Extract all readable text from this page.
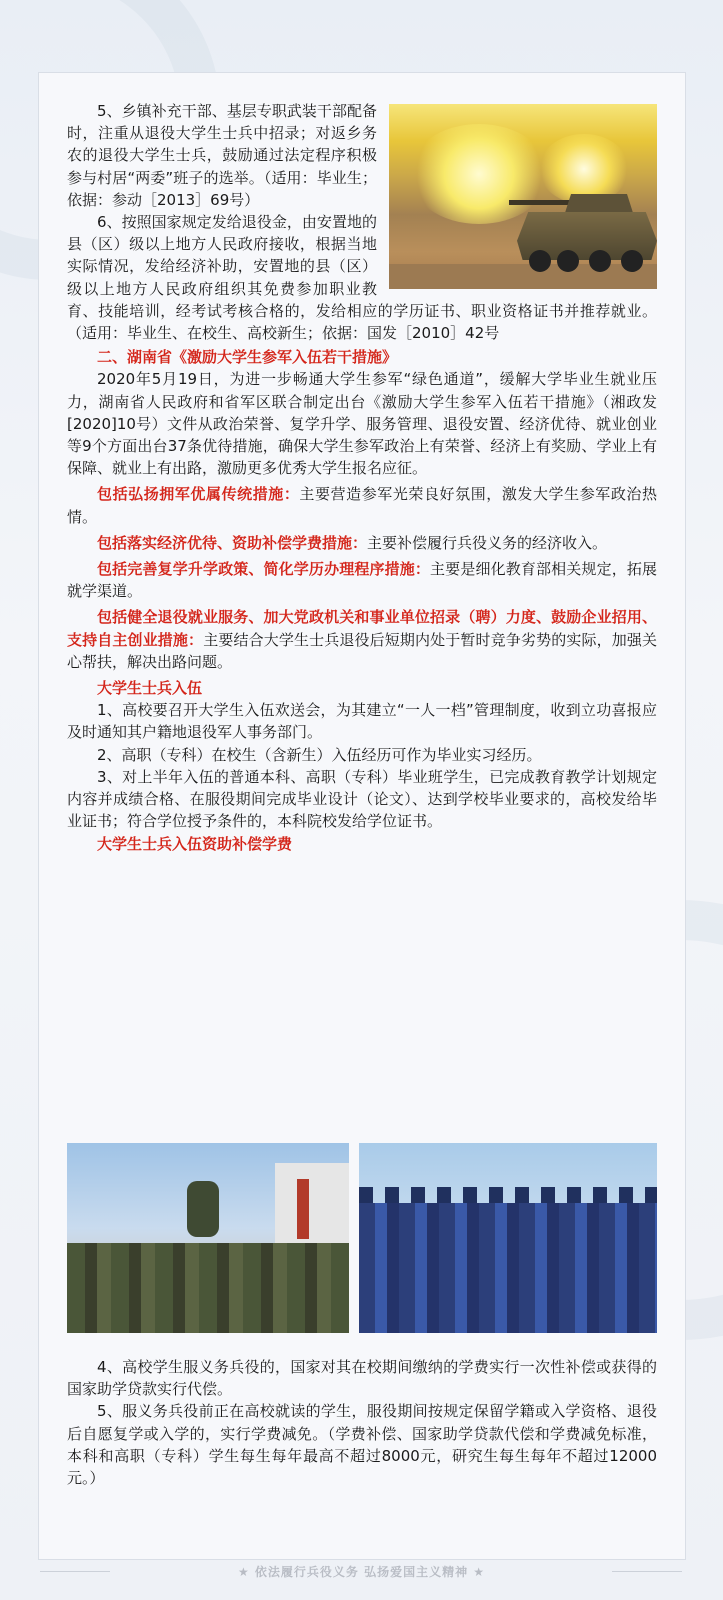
5、乡镇补充干部、基层专职武装干部配备时，注重从退役大学生士兵中招录；对返乡务农的退役大学生士兵，鼓励通过法定程序积极参与村居“两委”班子的选举。（适用：毕业生；依据：参动［2013］69号）

6、按照国家规定发给退役金，由安置地的县（区）级以上地方人民政府接收，根据当地实际情况，发给经济补助，安置地的县（区）级以上地方人民政府组织其免费参加职业教育、技能培训，经考试考核合格的，发给相应的学历证书、职业资格证书并推荐就业。（适用：毕业生、在校生、高校新生；依据：国发［2010］42号

二、湖南省《激励大学生参军入伍若干措施》

2020年5月19日，为进一步畅通大学生参军“绿色通道”，缓解大学毕业生就业压力，湖南省人民政府和省军区联合制定出台《激励大学生参军入伍若干措施》（湘政发[2020]10号）文件从政治荣誉、复学升学、服务管理、退役安置、经济优待、就业创业等9个方面出台37条优待措施，确保大学生参军政治上有荣誉、经济上有奖励、学业上有保障、就业上有出路，激励更多优秀大学生报名应征。

包括弘扬拥军优属传统措施：主要营造参军光荣良好氛围，激发大学生参军政治热情。

包括落实经济优待、资助补偿学费措施：主要补偿履行兵役义务的经济收入。

包括完善复学升学政策、简化学历办理程序措施：主要是细化教育部相关规定，拓展就学渠道。

包括健全退役就业服务、加大党政机关和事业单位招录（聘）力度、鼓励企业招用、支持自主创业措施：主要结合大学生士兵退役后短期内处于暂时竞争劣势的实际，加强关心帮扶，解决出路问题。

大学生士兵入伍

1、高校要召开大学生入伍欢送会，为其建立“一人一档”管理制度，收到立功喜报应及时通知其户籍地退役军人事务部门。

2、高职（专科）在校生（含新生）入伍经历可作为毕业实习经历。

3、对上半年入伍的普通本科、高职（专科）毕业班学生，已完成教育教学计划规定内容并成绩合格、在服役期间完成毕业设计（论文）、达到学校毕业要求的，高校发给毕业证书；符合学位授予条件的，本科院校发给学位证书。

大学生士兵入伍资助补偿学费

4、高校学生服义务兵役的，国家对其在校期间缴纳的学费实行一次性补偿或获得的国家助学贷款实行代偿。

5、服义务兵役前正在高校就读的学生，服役期间按规定保留学籍或入学资格、退役后自愿复学或入学的，实行学费减免。（学费补偿、国家助学贷款代偿和学费减免标准，本科和高职（专科）学生每生每年最高不超过8000元，研究生每生每年不超过12000元。）

★ 依法履行兵役义务 弘扬爱国主义精神 ★
